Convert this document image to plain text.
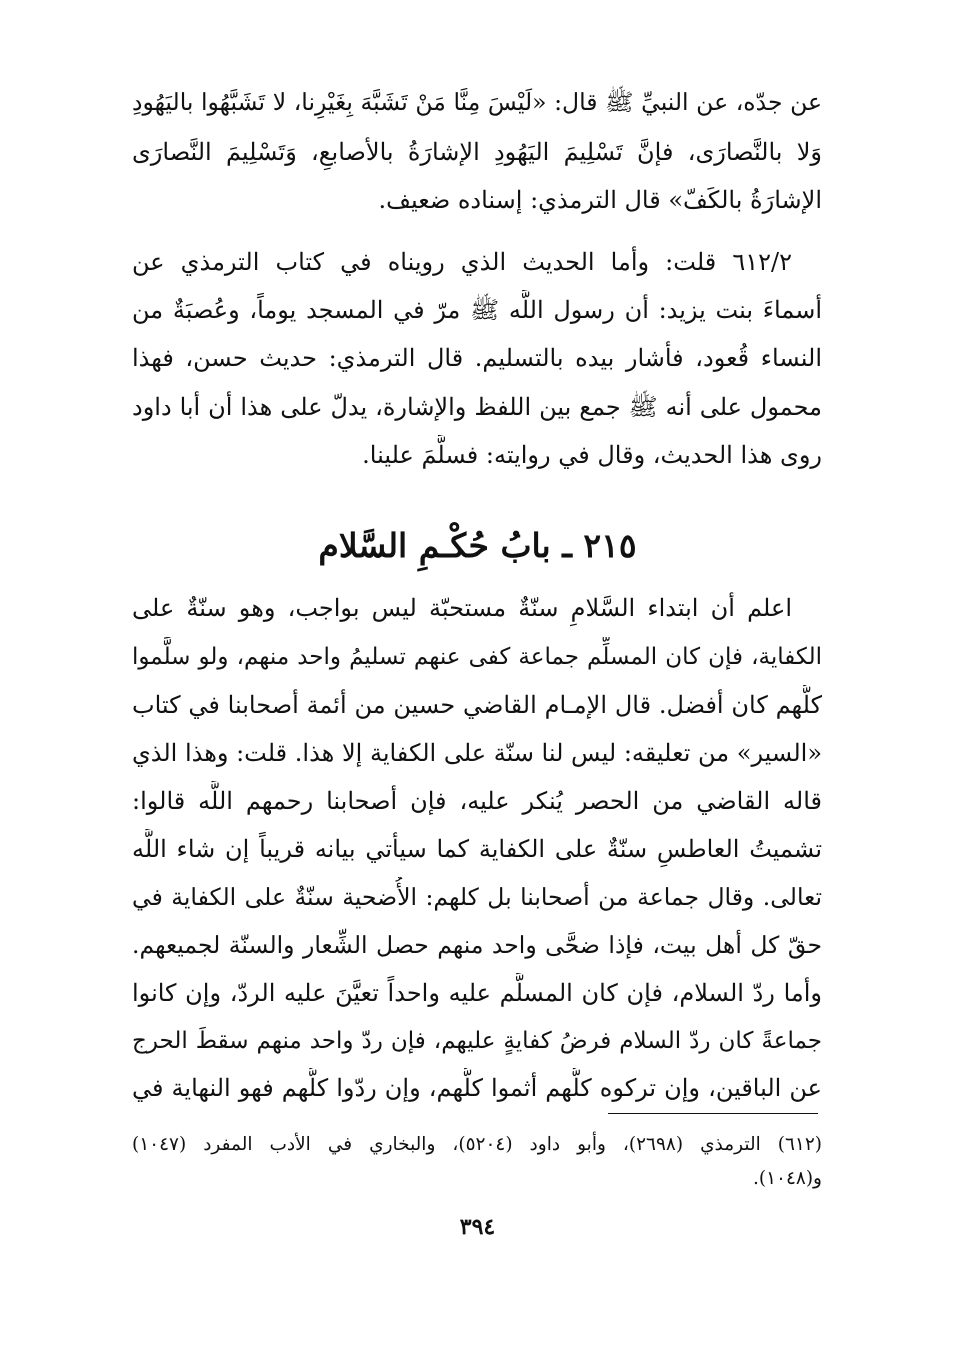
عن جدّه، عن النبيِّ ﷺ قال: «لَيْسَ مِنَّا مَنْ تَشَبَّهَ بِغَيْرِنا، لا تَشَبَّهُوا باليَهُودِ
وَلا بالنَّصارَى، فإنَّ تَسْلِيمَ اليَهُودِ الإشارَةُ بالأصابعِ، وَتَسْلِيمَ النَّصارَى
الإشارَةُ بالكَفّ» قال الترمذي: إسناده ضعيف.
٦١٢/٢ قلت: وأما الحديث الذي رويناه في كتاب الترمذي عن
أسماءَ بنت يزيد: أن رسول اللَّه ﷺ مرّ في المسجد يوماً، وعُصبَةٌ من
النساء قُعود، فأشار بيده بالتسليم. قال الترمذي: حديث حسن، فهذا
محمول على أنه ﷺ جمع بين اللفظ والإشارة، يدلّ على هذا أن أبا داود
روى هذا الحديث، وقال في روايته: فسلَّمَ علينا.
٢١٥ ـ بابُ حُكْـمِ السَّلام
اعلم أن ابتداء السَّلامِ سنّةٌ مستحبّة ليس بواجب، وهو سنّةٌ على
الكفاية، فإن كان المسلِّم جماعة كفى عنهم تسليمُ واحد منهم، ولو سلَّموا
كلُّهم كان أفضل. قال الإمـام القاضي حسين من أئمة أصحابنا في كتاب
«السير» من تعليقه: ليس لنا سنّة على الكفاية إلا هذا. قلت: وهذا الذي
قاله القاضي من الحصر يُنكر عليه، فإن أصحابنا رحمهم اللَّه قالوا:
تشميتُ العاطسِ سنّةٌ على الكفاية كما سيأتي بيانه قريباً إن شاء اللَّه
تعالى. وقال جماعة من أصحابنا بل كلهم: الأُضحية سنّةٌ على الكفاية في
حقّ كل أهل بيت، فإذا ضحَّى واحد منهم حصل الشِّعار والسنّة لجميعهم.
وأما ردّ السلام، فإن كان المسلَّم عليه واحداً تعيَّنَ عليه الردّ، وإن كانوا
جماعةً كان ردّ السلام فرضُ كفايةٍ عليهم، فإن ردّ واحد منهم سقطَ الحرج
عن الباقين، وإن تركوه كلُّهم أثموا كلُّهم، وإن ردّوا كلُّهم فهو النهاية في
(٦١٢) الترمذي (٢٦٩٨)، وأبو داود (٥٢٠٤)، والبخاري في الأدب المفرد (١٠٤٧)
و(١٠٤٨).
٣٩٤
